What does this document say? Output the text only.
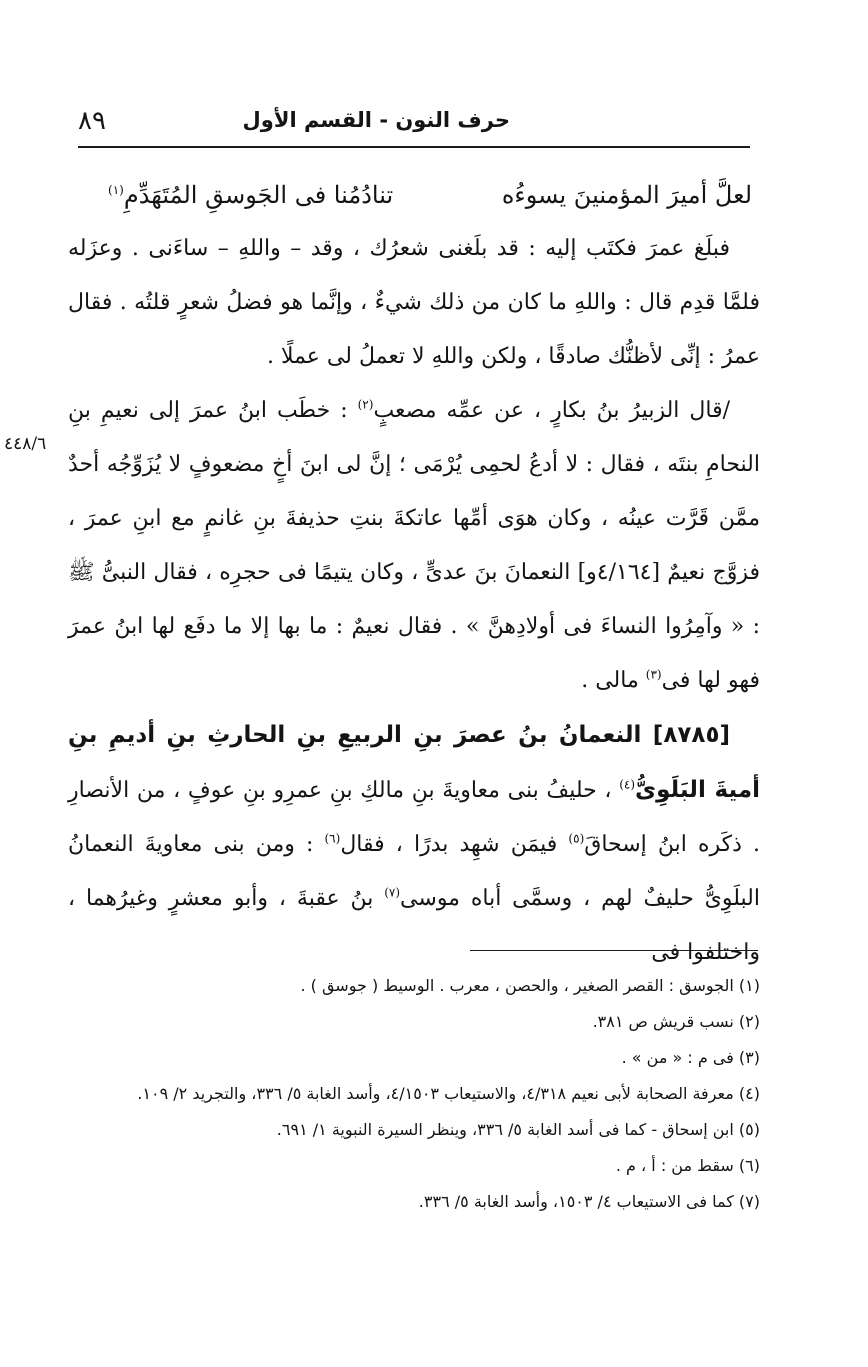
حرف النون - القسم الأول
٨٩
٤٤٨/٦
لعلَّ أميرَ المؤمنينَ يسوءُه
تنادُمُنا فى الجَوسقِ المُتَهَدِّمِ$^{(١)}$

فبلَغ عمرَ فكتَب إليه : قد بلَغنى شعرُك ، وقد – واللهِ – ساءَنى . وعزَله فلمَّا قدِم قال : واللهِ ما كان من ذلك شيءٌ ، وإنَّما هو فضلُ شعرٍ قلتُه . فقال عمرُ : إنِّى لأظنُّك صادقًا ، ولكن واللهِ لا تعملُ لى عملًا .

/قال الزبيرُ بنُ بكارٍ ، عن عمِّه مصعبٍ$^{(٢)}$ : خطَب ابنُ عمرَ إلى نعيمِ بنِ النحامِ بنتَه ، فقال : لا أدعُ لحمِى يُرْمَى ؛ إنَّ لى ابنَ أخٍ مضعوفٍ لا يُزَوِّجُه أحدٌ ممَّن قَرَّت عينُه ، وكان هوَى أمِّها عاتكةَ بنتِ حذيفةَ بنِ غانمٍ مع ابنِ عمرَ ، فزوَّج نعيمٌ [٤/١٦٤و] النعمانَ بنَ عدىٍّ ، وكان يتيمًا فى حجرِه ، فقال النبىُّ ﷺ : « وآمِرُوا النساءَ فى أولادِهنَّ » . فقال نعيمٌ : ما بها إلا ما دفَع لها ابنُ عمرَ فهو لها فى$^{(٣)}$ مالى .

[٨٧٨٥] النعمانُ بنُ عصرَ بنِ الربيعِ بنِ الحارثِ بنِ أديمِ بنِ أميةَ البَلَوِىُّ$^{(٤)}$ ، حليفُ بنى معاويةَ بنِ مالكِ بنِ عمرِو بنِ عوفٍ ، من الأنصارِ . ذكَره ابنُ إسحاقَ$^{(٥)}$ فيمَن شهِد بدرًا ، فقال$^{(٦)}$ : ومن بنى معاويةَ النعمانُ البلَوِىُّ حليفٌ لهم ، وسمَّى أباه موسى$^{(٧)}$ بنُ عقبةَ ، وأبو معشرٍ وغيرُهما ، واختلفوا فى

(١) الجوسق : القصر الصغير ، والحصن ، معرب . الوسيط ( جوسق ) .

(٢) نسب قريش ص ٣٨١.

(٣) فى م : « من » .

(٤) معرفة الصحابة لأبى نعيم ٤/٣١٨، والاستيعاب ٤/١٥٠٣، وأسد الغابة ٥/ ٣٣٦، والتجريد ٢/ ١٠٩.

(٥) ابن إسحاق - كما فى أسد الغابة ٥/ ٣٣٦، وينظر السيرة النبوية ١/ ٦٩١.

(٦) سقط من : أ ، م .

(٧) كما فى الاستيعاب ٤/ ١٥٠٣، وأسد الغابة ٥/ ٣٣٦.
